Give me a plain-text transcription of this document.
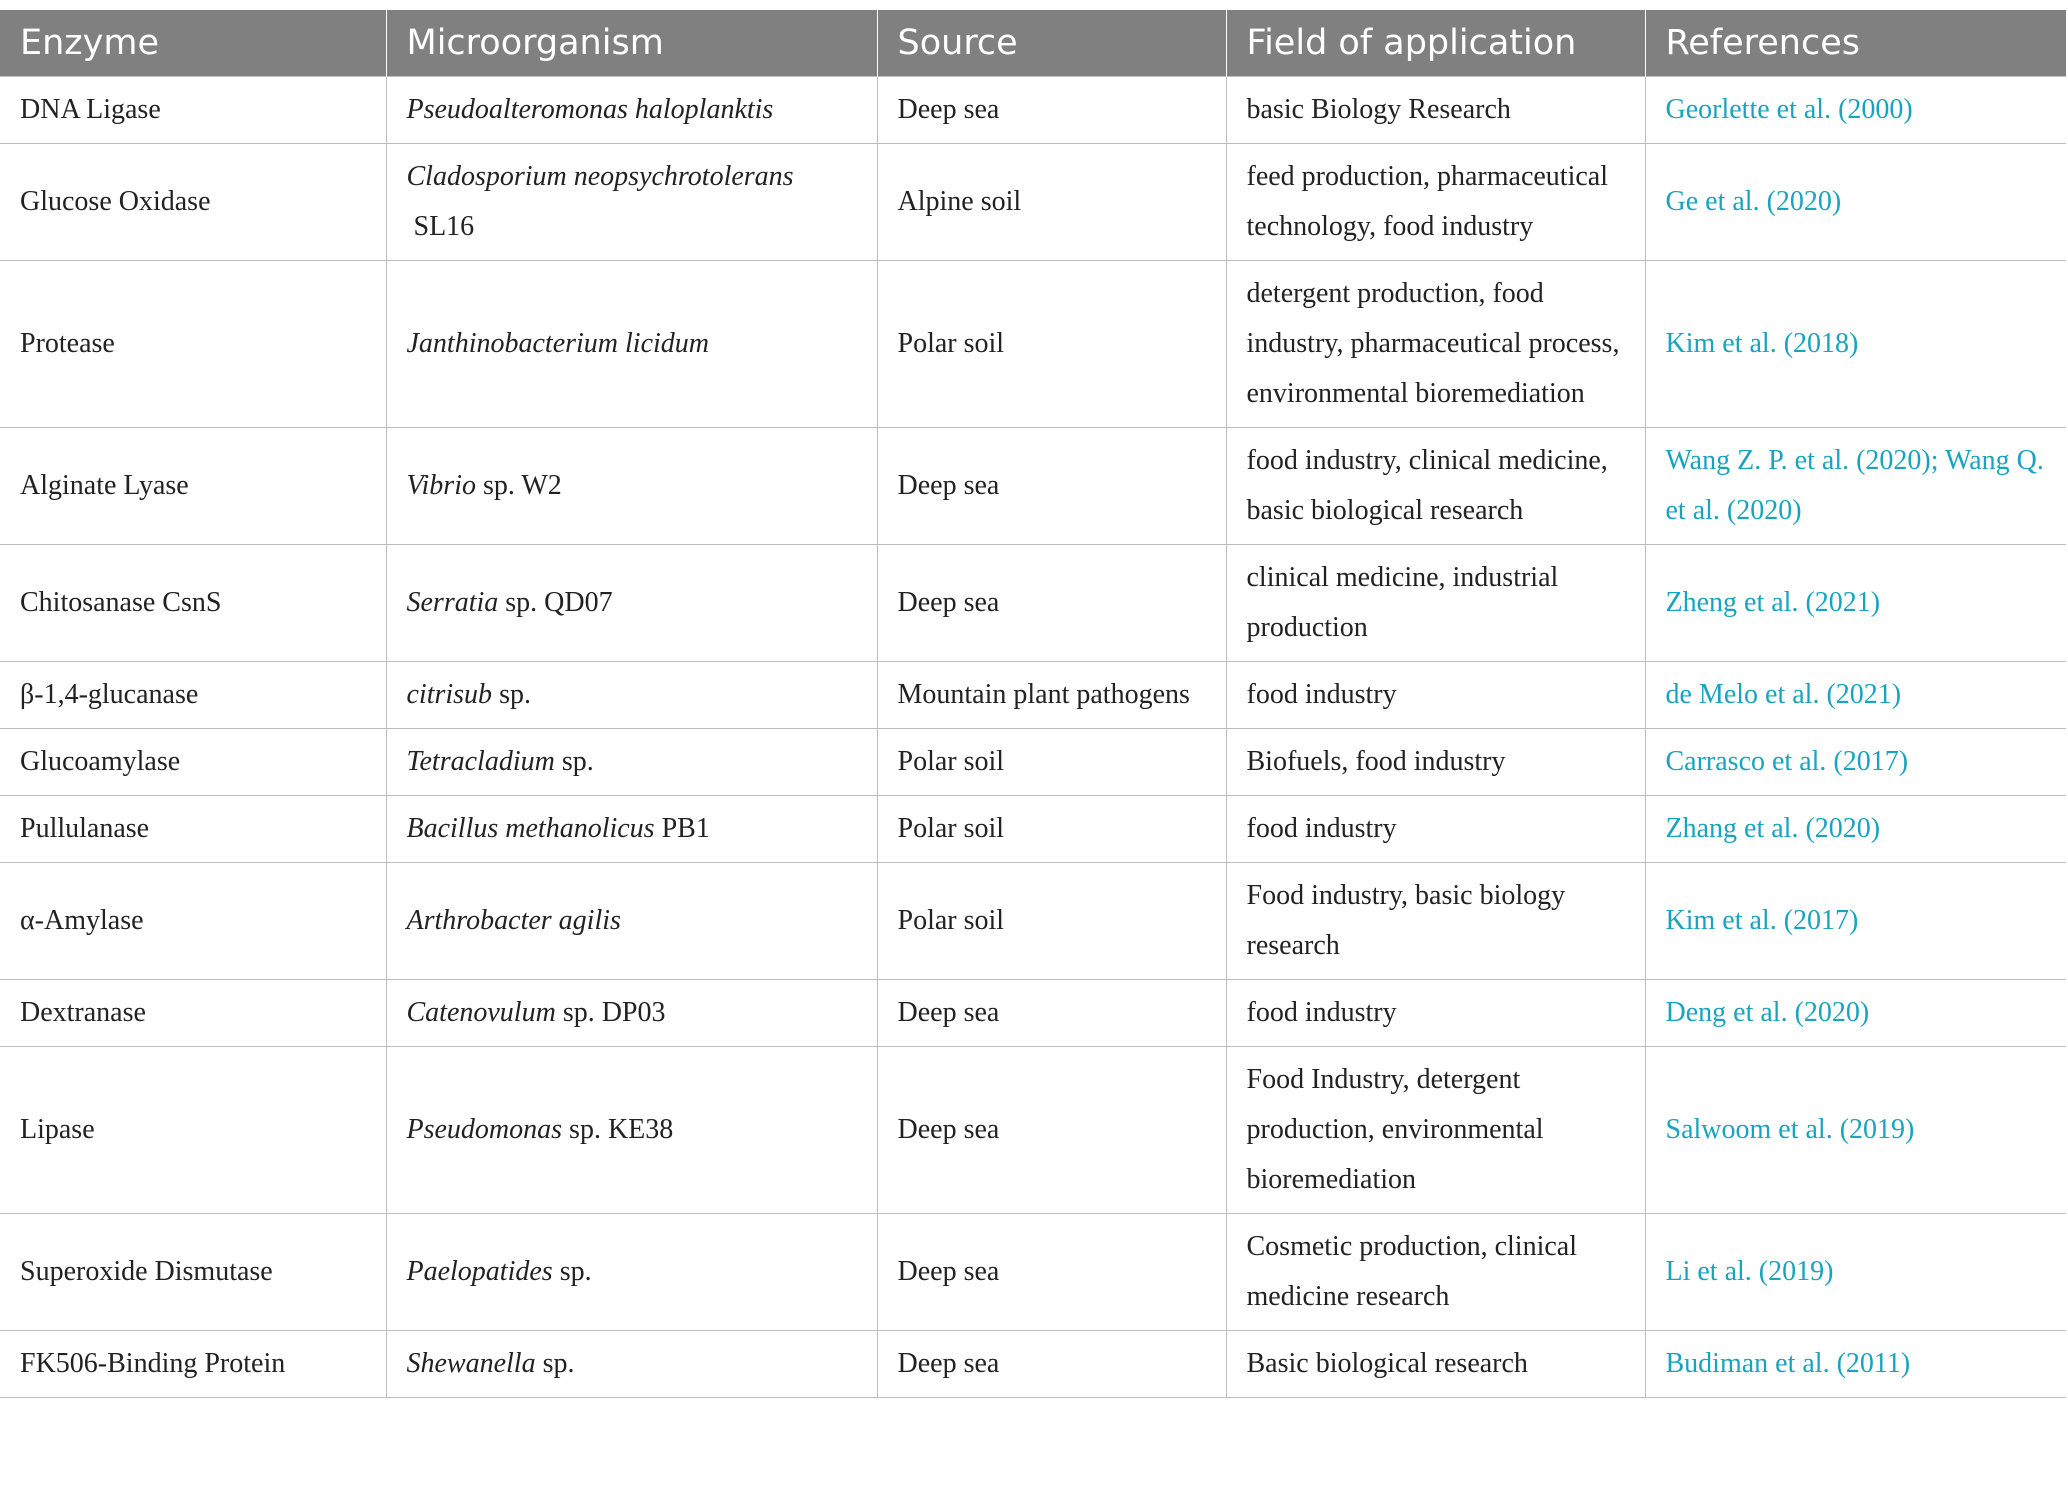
Enzyme	Microorganism	Source	Field of application	References
DNA Ligase	Pseudoalteromonas haloplanktis	Deep sea	basic Biology Research	Georlette et al. (2000)
Glucose Oxidase	Cladosporium neopsychrotolerans SL16	Alpine soil	feed production, pharmaceutical technology, food industry	Ge et al. (2020)
Protease	Janthinobacterium licidum	Polar soil	detergent production, food industry, pharmaceutical process, environmental bioremediation	Kim et al. (2018)
Alginate Lyase	Vibrio sp. W2	Deep sea	food industry, clinical medicine, basic biological research	Wang Z. P. et al. (2020); Wang Q. et al. (2020)
Chitosanase CsnS	Serratia sp. QD07	Deep sea	clinical medicine, industrial production	Zheng et al. (2021)
β-1,4-glucanase	citrisub sp.	Mountain plant pathogens	food industry	de Melo et al. (2021)
Glucoamylase	Tetracladium sp.	Polar soil	Biofuels, food industry	Carrasco et al. (2017)
Pullulanase	Bacillus methanolicus PB1	Polar soil	food industry	Zhang et al. (2020)
α-Amylase	Arthrobacter agilis	Polar soil	Food industry, basic biology research	Kim et al. (2017)
Dextranase	Catenovulum sp. DP03	Deep sea	food industry	Deng et al. (2020)
Lipase	Pseudomonas sp. KE38	Deep sea	Food Industry, detergent production, environmental bioremediation	Salwoom et al. (2019)
Superoxide Dismutase	Paelopatides sp.	Deep sea	Cosmetic production, clinical medicine research	Li et al. (2019)
FK506-Binding Protein	Shewanella sp.	Deep sea	Basic biological research	Budiman et al. (2011)
